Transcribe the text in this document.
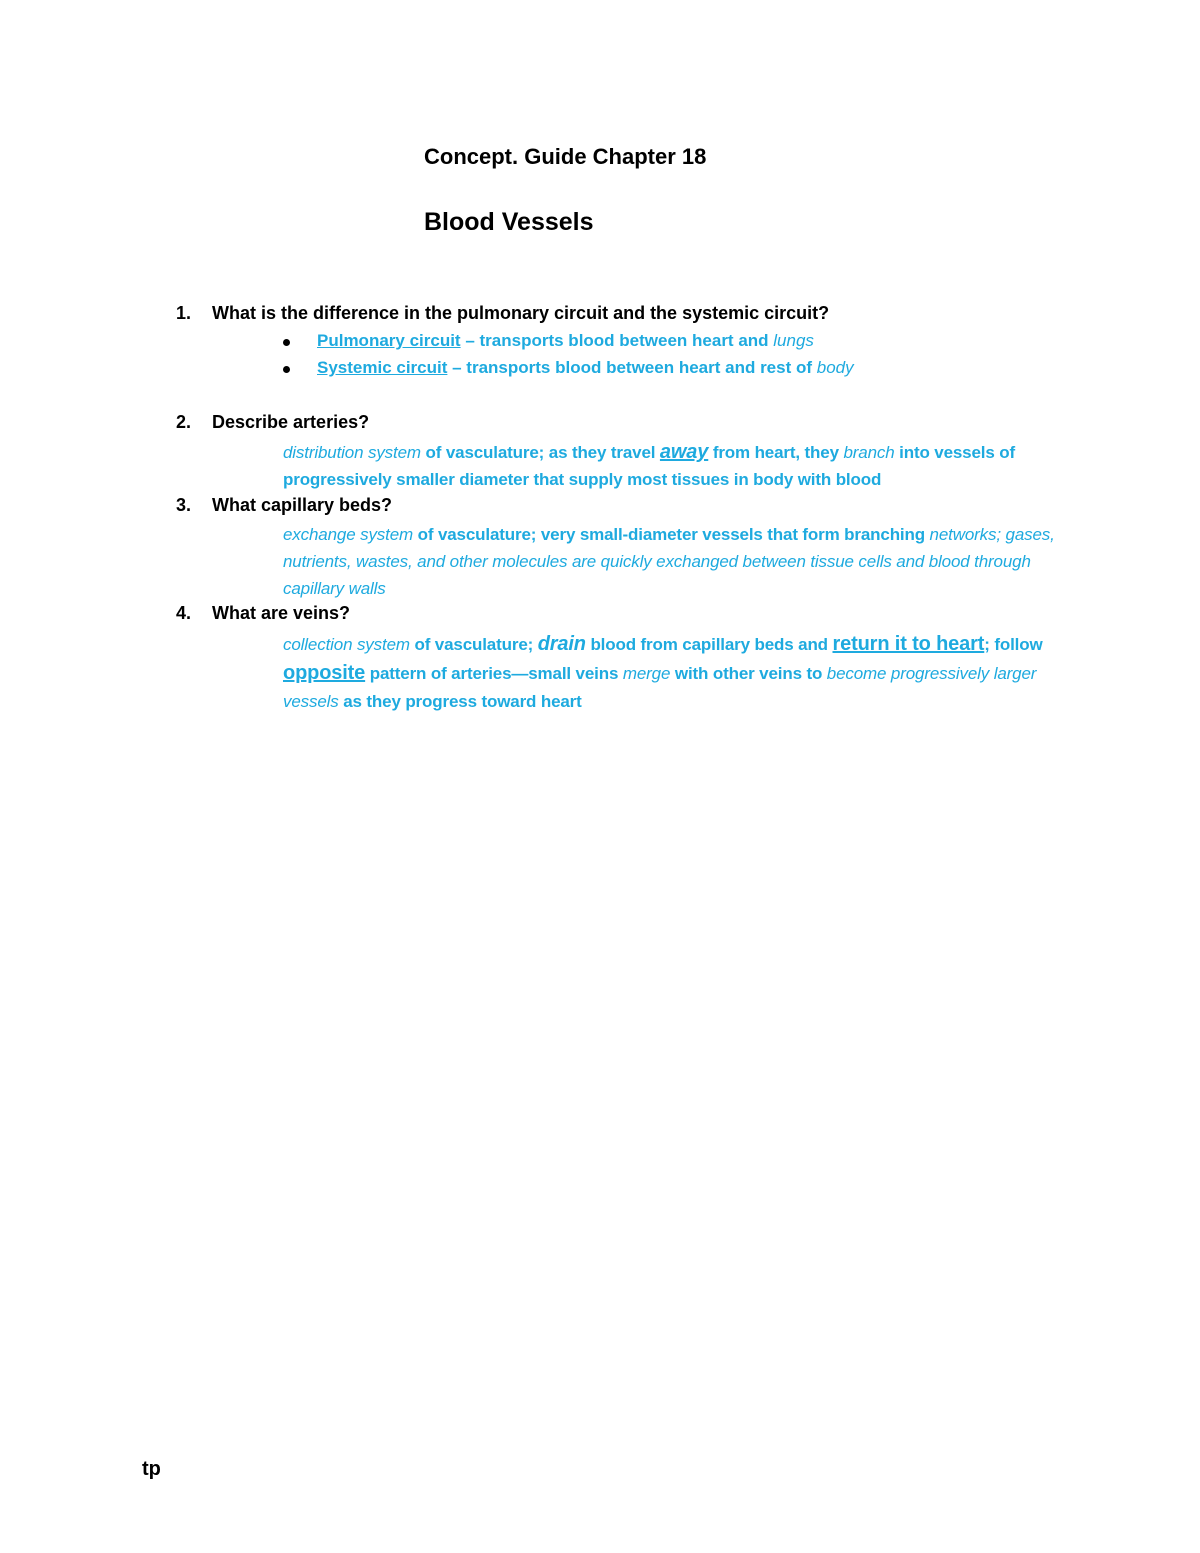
Concept. Guide Chapter 18
Blood Vessels
1. What is the difference in the pulmonary circuit and the systemic circuit?
Pulmonary circuit – transports blood between heart and lungs
Systemic circuit – transports blood between heart and rest of body
2. Describe arteries?
distribution system of vasculature; as they travel away from heart, they branch into vessels of progressively smaller diameter that supply most tissues in body with blood
3. What capillary beds?
exchange system of vasculature; very small-diameter vessels that form branching networks; gases, nutrients, wastes, and other molecules are quickly exchanged between tissue cells and blood through capillary walls
4. What are veins?
collection system of vasculature; drain blood from capillary beds and return it to heart; follow opposite pattern of arteries—small veins merge with other veins to become progressively larger vessels as they progress toward heart
tp
